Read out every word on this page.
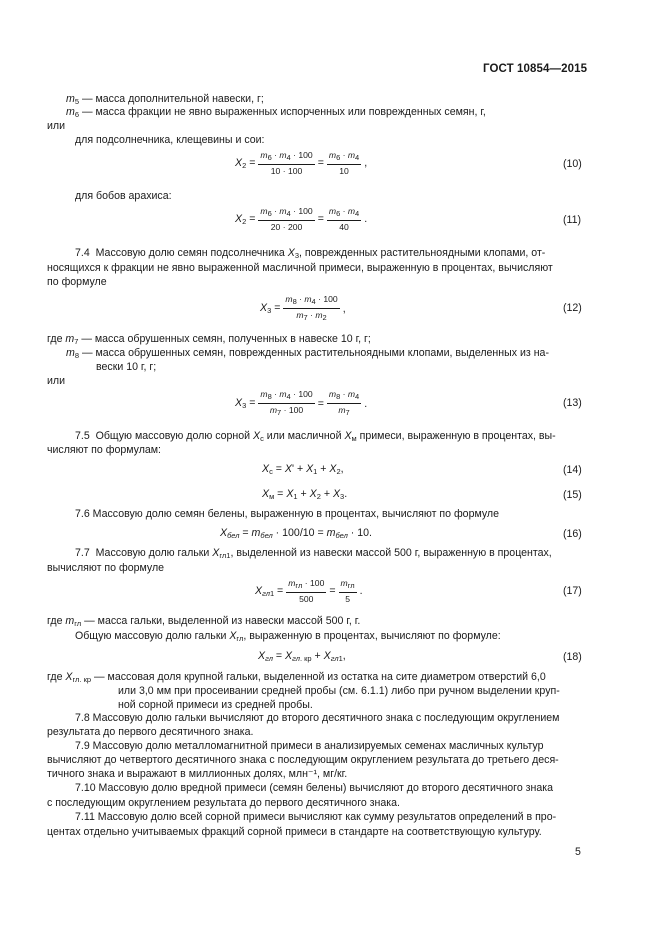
ГОСТ 10854—2015
$m_5$ — масса дополнительной навески, г;
$m_6$ — масса фракции не явно выраженных испорченных или поврежденных семян, г,
или
для подсолнечника, клещевины и сои:
$X_2 = \frac{m_6 \cdot m_4 \cdot 100}{10 \cdot 100} = \frac{m_6 \cdot m_4}{10}$ ,	(10)
для бобов арахиса:
$X_2 = \frac{m_6 \cdot m_4 \cdot 100}{20 \cdot 200} = \frac{m_6 \cdot m_4}{40}$ .	(11)
7.4  Массовую долю семян подсолнечника $X_3$, поврежденных растительноядными клопами, от-
носящихся к фракции не явно выраженной масличной примеси, выраженную в процентах, вычисляют
по формуле
$X_3 = \frac{m_8 \cdot m_4 \cdot 100}{m_7 \cdot m_2}$ ,	(12)
где $m_7$ — масса обрушенных семян, полученных в навеске 10 г, г;
$m_8$ — масса обрушенных семян, поврежденных растительноядными клопами, выделенных из на-
вески 10 г, г;
или
$X_3 = \frac{m_8 \cdot m_4 \cdot 100}{m_7 \cdot 100} = \frac{m_8 \cdot m_4}{m_7}$ .	(13)
7.5  Общую массовую долю сорной $X_с$ или масличной $X_м$ примеси, выраженную в процентах, вы-
числяют по формулам:
$X_с = X' + X_1 + X_2$,	(14)
$X_м = X_1 + X_2 + X_3$.	(15)
7.6 Массовую долю семян белены, выраженную в процентах, вычисляют по формуле
$X_{бел} = m_{бел} \cdot 100/10 = m_{бел} \cdot 10$.	(16)
7.7  Массовую долю гальки $X_{гл1}$, выделенной из навески массой 500 г, выраженную в процентах,
вычисляют по формуле
$X_{гл1} = \frac{m_{гл} \cdot 100}{500} = \frac{m_{гл}}{5}$ .	(17)
где $m_{гл}$ — масса гальки, выделенной из навески массой 500 г, г.
Общую массовую долю гальки $X_{гл}$, выраженную в процентах, вычисляют по формуле:
$X_{гл} = X_{гл. кр} + X_{гл1}$,	(18)
где $X_{гл. кр}$ — массовая доля крупной гальки, выделенной из остатка на сите диаметром отверстий 6,0
или 3,0 мм при просеивании средней пробы (см. 6.1.1) либо при ручном выделении круп-
ной сорной примеси из средней пробы.
7.8 Массовую долю гальки вычисляют до второго десятичного знака с последующим округлением
результата до первого десятичного знака.
7.9 Массовую долю металломагнитной примеси в анализируемых семенах масличных культур
вычисляют до четвертого десятичного знака с последующим округлением результата до третьего деся-
тичного знака и выражают в миллионных долях, млн⁻¹, мг/кг.
7.10 Массовую долю вредной примеси (семян белены) вычисляют до второго десятичного знака
с последующим округлением результата до первого десятичного знака.
7.11 Массовую долю всей сорной примеси вычисляют как сумму результатов определений в про-
центах отдельно учитываемых фракций сорной примеси в стандарте на соответствующую культуру.
5
